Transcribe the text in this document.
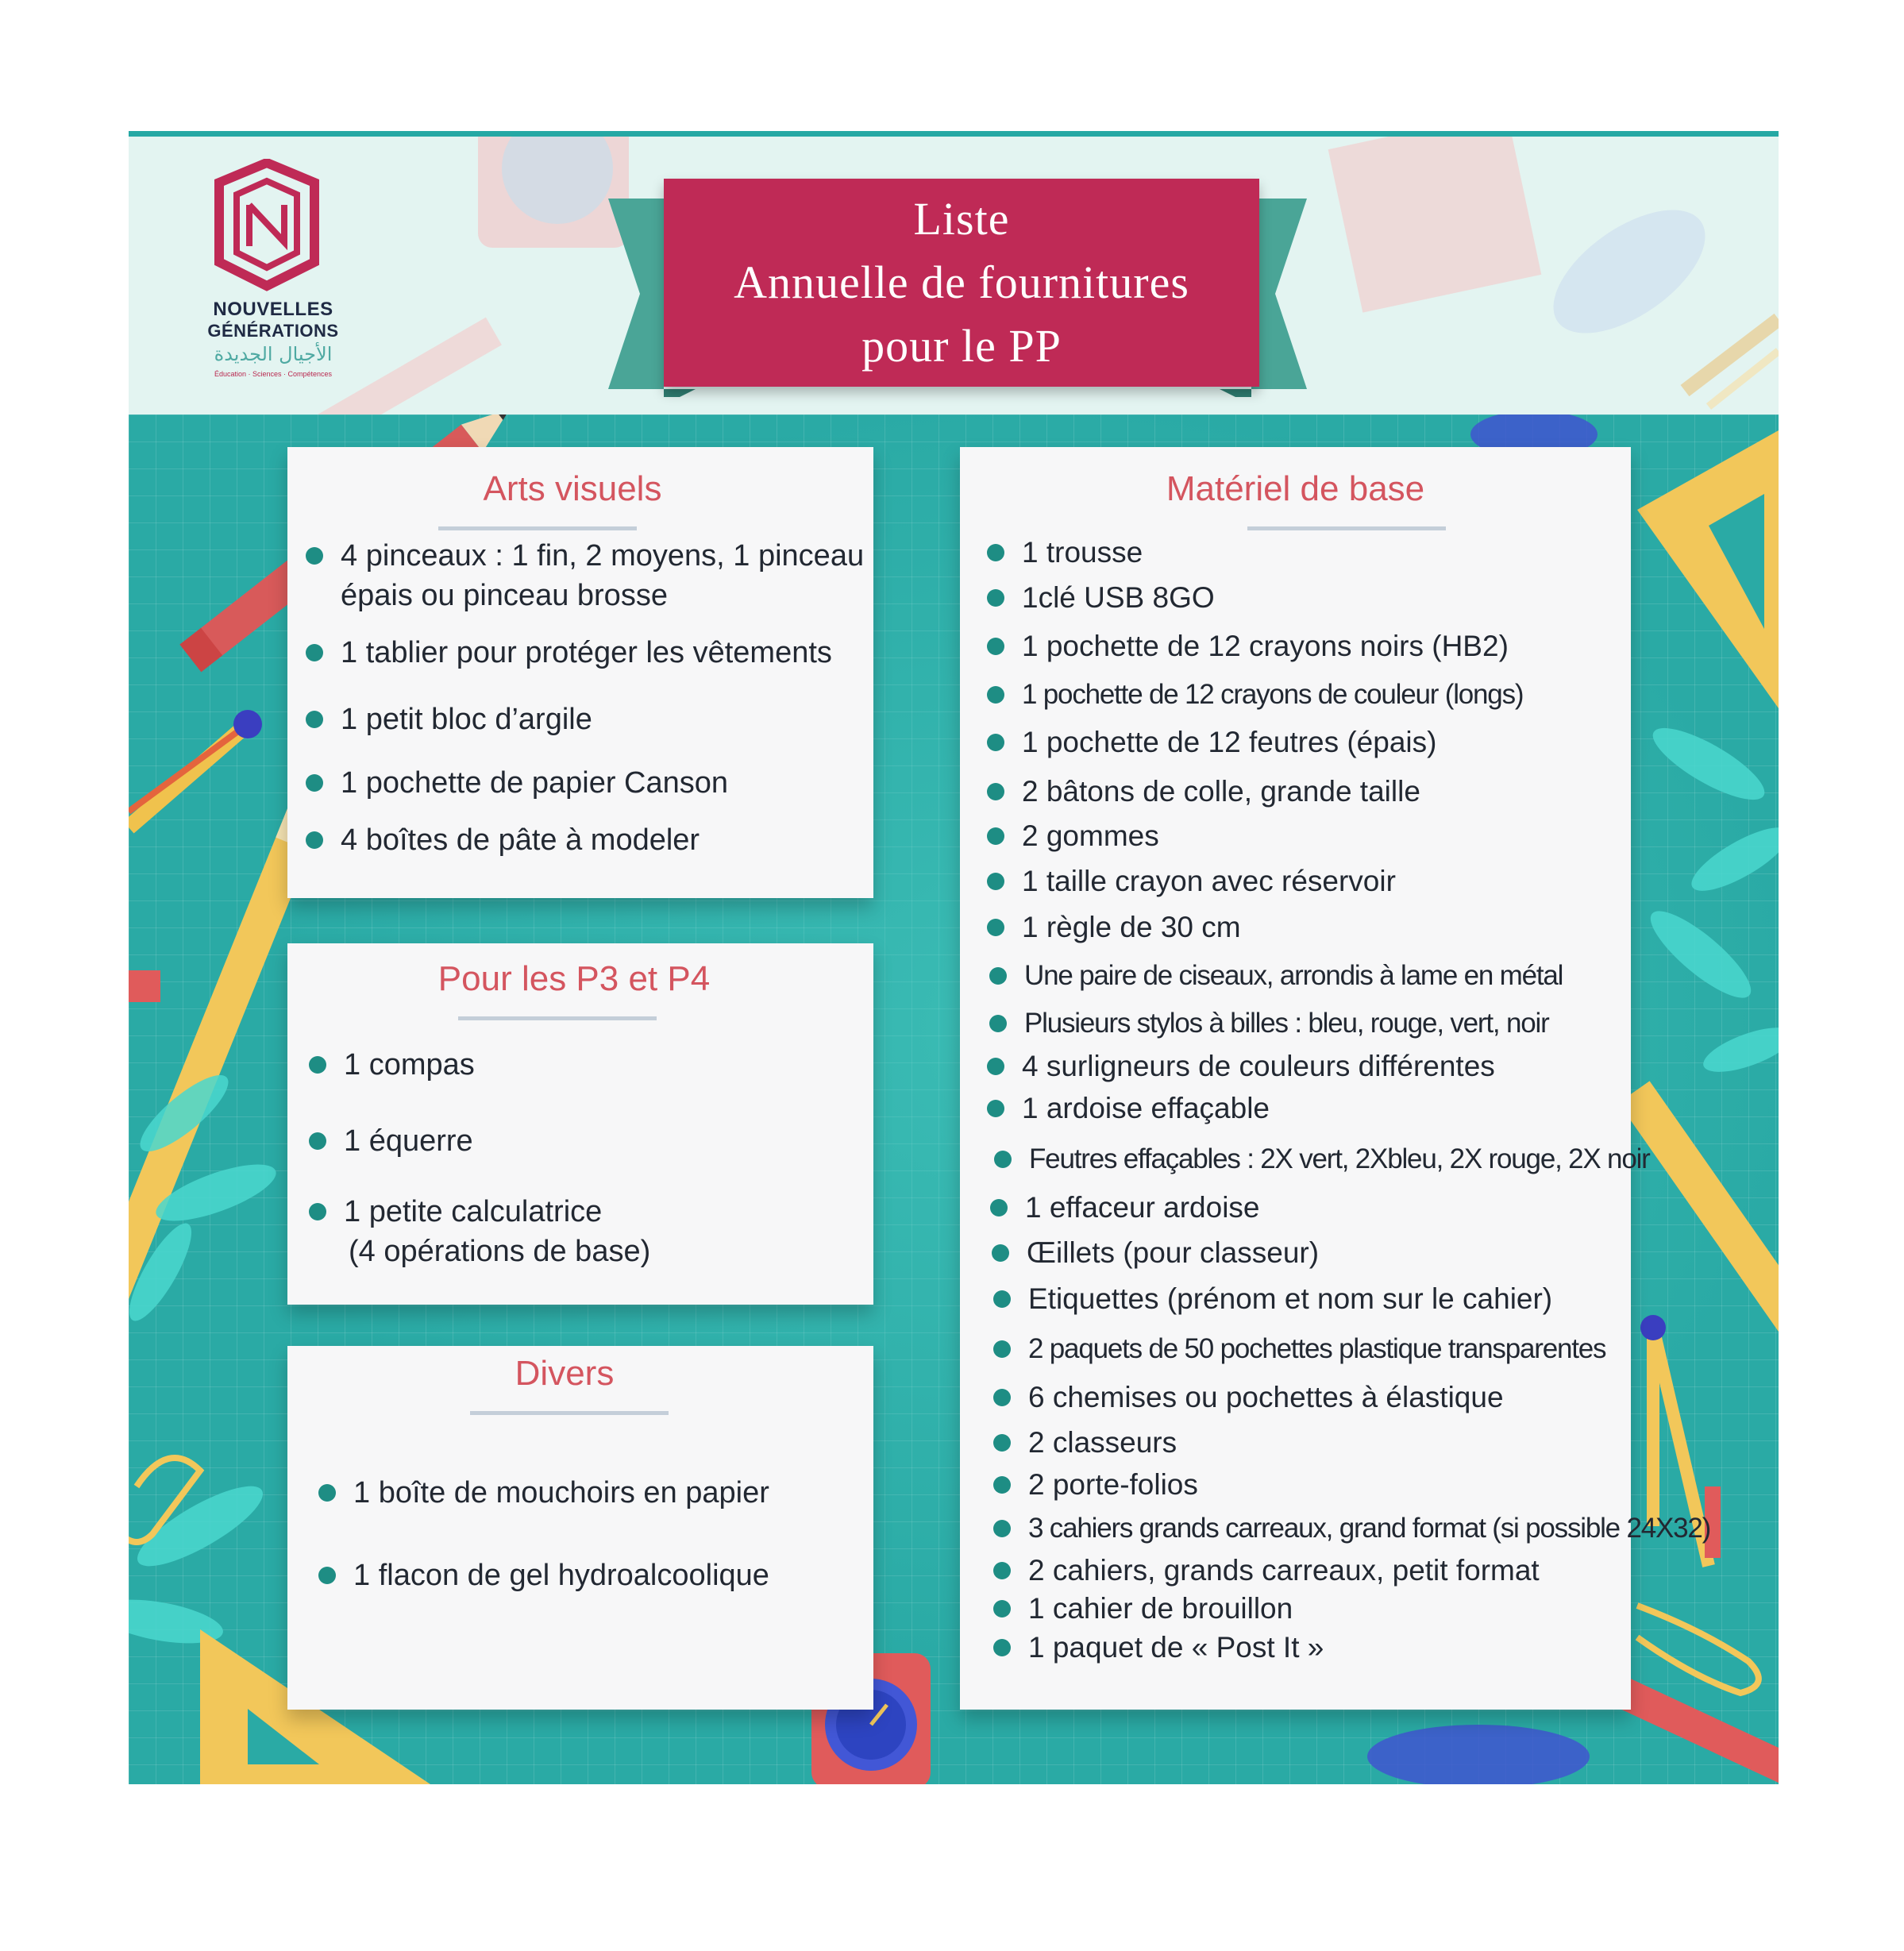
NOUVELLES
GÉNÉRATIONS
الأجيال الجديدة
Éducation · Sciences · Compétences
Liste
Annuelle de fournitures
pour le PP
Arts visuels
4 pinceaux : 1 fin, 2 moyens, 1 pinceau
épais ou pinceau brosse
1 tablier pour protéger les vêtements
1 petit bloc d’argile
1 pochette de papier Canson
4 boîtes de pâte à modeler
Pour les P3 et P4
1 compas
1 équerre
1 petite calculatrice
(4 opérations de base)
Divers
1 boîte de mouchoirs en papier
1 flacon de gel hydroalcoolique
Matériel de base
1 trousse
1clé USB 8GO
1 pochette de 12 crayons noirs (HB2)
1 pochette de 12 crayons de couleur (longs)
1 pochette de 12 feutres (épais)
2 bâtons de colle, grande taille
2 gommes
1 taille crayon avec réservoir
1 règle de 30 cm
Une paire de ciseaux, arrondis à lame en métal
Plusieurs stylos à billes : bleu, rouge, vert, noir
4 surligneurs de couleurs différentes
1 ardoise effaçable
Feutres effaçables : 2X vert, 2Xbleu, 2X rouge, 2X noir
1 effaceur ardoise
Œillets (pour classeur)
Etiquettes (prénom et nom sur le cahier)
2 paquets de 50 pochettes plastique transparentes
6 chemises ou pochettes à élastique
2 classeurs
2 porte-folios
3 cahiers grands carreaux, grand format (si possible 24X32)
2 cahiers, grands carreaux, petit format
1 cahier de brouillon
1 paquet de « Post It »
